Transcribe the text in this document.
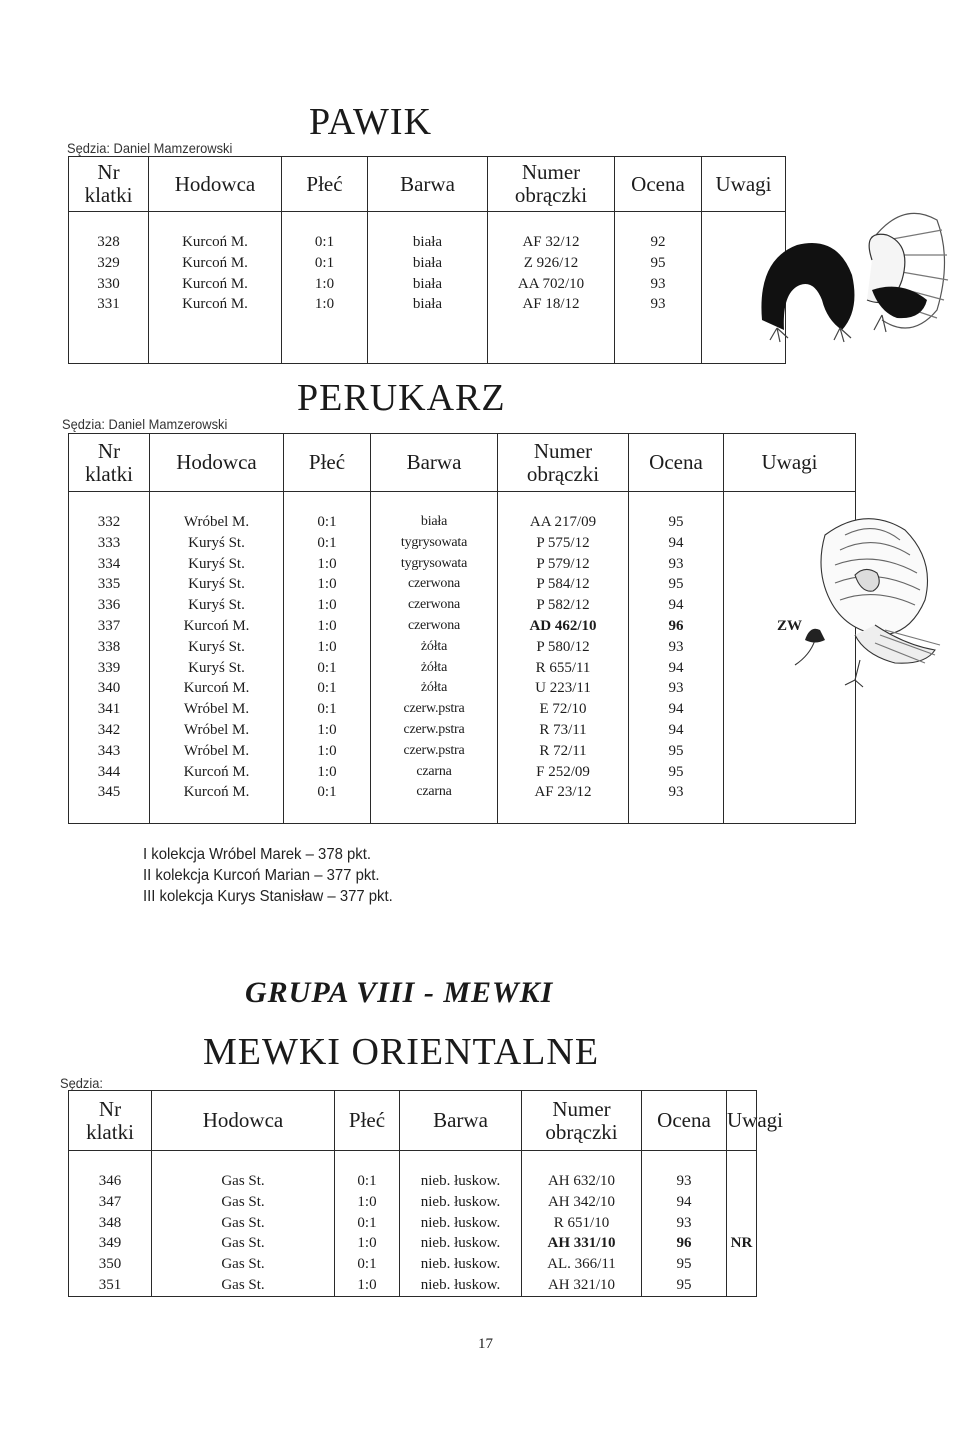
PAWIK
Sędzia: Daniel Mamzerowski
Nr
klatki	Hodowca	Płeć	Barwa	Numer
obrączki	Ocena	Uwagi

328	Kurcoń M.	0:1	biała	AF 32/12	92	
329	Kurcoń M.	0:1	biała	Z 926/12	95	
330	Kurcoń M.	1:0	biała	AA 702/10	93	
331	Kurcoń M.	1:0	biała	AF 18/12	93	

PERUKARZ
Sędzia: Daniel Mamzerowski
Nr
klatki	Hodowca	Płeć	Barwa	Numer
obrączki	Ocena	Uwagi

332	Wróbel M.	0:1	biała	AA 217/09	95	
333	Kuryś St.	0:1	tygrysowata	P 575/12	94	
334	Kuryś St.	1:0	tygrysowata	P 579/12	93	
335	Kuryś St.	1:0	czerwona	P 584/12	95	
336	Kuryś St.	1:0	czerwona	P 582/12	94	
337	Kurcoń M.	1:0	czerwona	AD 462/10	96	ZW
338	Kuryś St.	1:0	żółta	P 580/12	93	
339	Kuryś St.	0:1	żółta	R 655/11	94	
340	Kurcoń M.	0:1	żółta	U 223/11	93	
341	Wróbel M.	0:1	czerw.pstra	E 72/10	94	
342	Wróbel M.	1:0	czerw.pstra	R 73/11	94	
343	Wróbel M.	1:0	czerw.pstra	R 72/11	95	
344	Kurcoń M.	1:0	czarna	F 252/09	95	
345	Kurcoń M.	0:1	czarna	AF 23/12	93	

I kolekcja Wróbel Marek – 378 pkt.
II kolekcja Kurcoń Marian – 377 pkt.
III kolekcja Kurys Stanisław – 377 pkt.
GRUPA VIII - MEWKI
MEWKI ORIENTALNE
Sędzia:
Nr
klatki	Hodowca	Płeć	Barwa	Numer
obrączki	Ocena	Uwagi

346	Gas St.	0:1	nieb. łuskow.	AH 632/10	93	
347	Gas St.	1:0	nieb. łuskow.	AH 342/10	94	
348	Gas St.	0:1	nieb. łuskow.	R 651/10	93	
349	Gas St.	1:0	nieb. łuskow.	AH 331/10	96	NR
350	Gas St.	0:1	nieb. łuskow.	AL. 366/11	95	
351	Gas St.	1:0	nieb. łuskow.	AH 321/10	95	
17
